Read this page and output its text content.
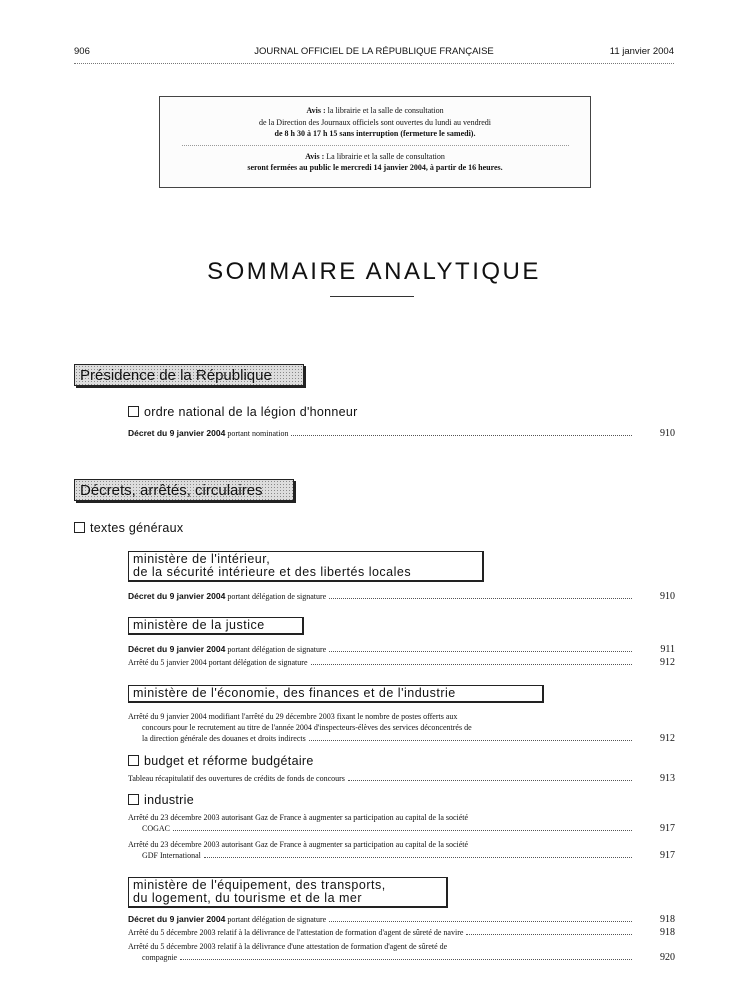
906	JOURNAL OFFICIEL DE LA RÉPUBLIQUE FRANÇAISE	11 janvier 2004
Avis : la librairie et la salle de consultation
de la Direction des Journaux officiels sont ouvertes du lundi au vendredi
de 8 h 30 à 17 h 15 sans interruption (fermeture le samedi).
Avis : La librairie et la salle de consultation
seront fermées au public le mercredi 14 janvier 2004, à partir de 16 heures.
SOMMAIRE ANALYTIQUE
Présidence de la République
ordre national de la légion d'honneur
Décret du 9 janvier 2004 portant nomination	910
Décrets, arrêtés, circulaires
textes généraux
ministère de l'intérieur,
de la sécurité intérieure et des libertés locales
Décret du 9 janvier 2004 portant délégation de signature	910
ministère de la justice
Décret du 9 janvier 2004 portant délégation de signature	911
Arrêté du 5 janvier 2004 portant délégation de signature	912
ministère de l'économie, des finances et de l'industrie
Arrêté du 9 janvier 2004 modifiant l'arrêté du 29 décembre 2003 fixant le nombre de postes offerts aux
concours pour le recrutement au titre de l'année 2004 d'inspecteurs-élèves des services déconcentrés de
la direction générale des douanes et droits indirects	912
budget et réforme budgétaire
Tableau récapitulatif des ouvertures de crédits de fonds de concours	913
industrie
Arrêté du 23 décembre 2003 autorisant Gaz de France à augmenter sa participation au capital de la société
COGAC	917
Arrêté du 23 décembre 2003 autorisant Gaz de France à augmenter sa participation au capital de la société
GDF International	917
ministère de l'équipement, des transports,
du logement, du tourisme et de la mer
Décret du 9 janvier 2004 portant délégation de signature	918
Arrêté du 5 décembre 2003 relatif à la délivrance de l'attestation de formation d'agent de sûreté de navire	918
Arrêté du 5 décembre 2003 relatif à la délivrance d'une attestation de formation d'agent de sûreté de
compagnie	920
